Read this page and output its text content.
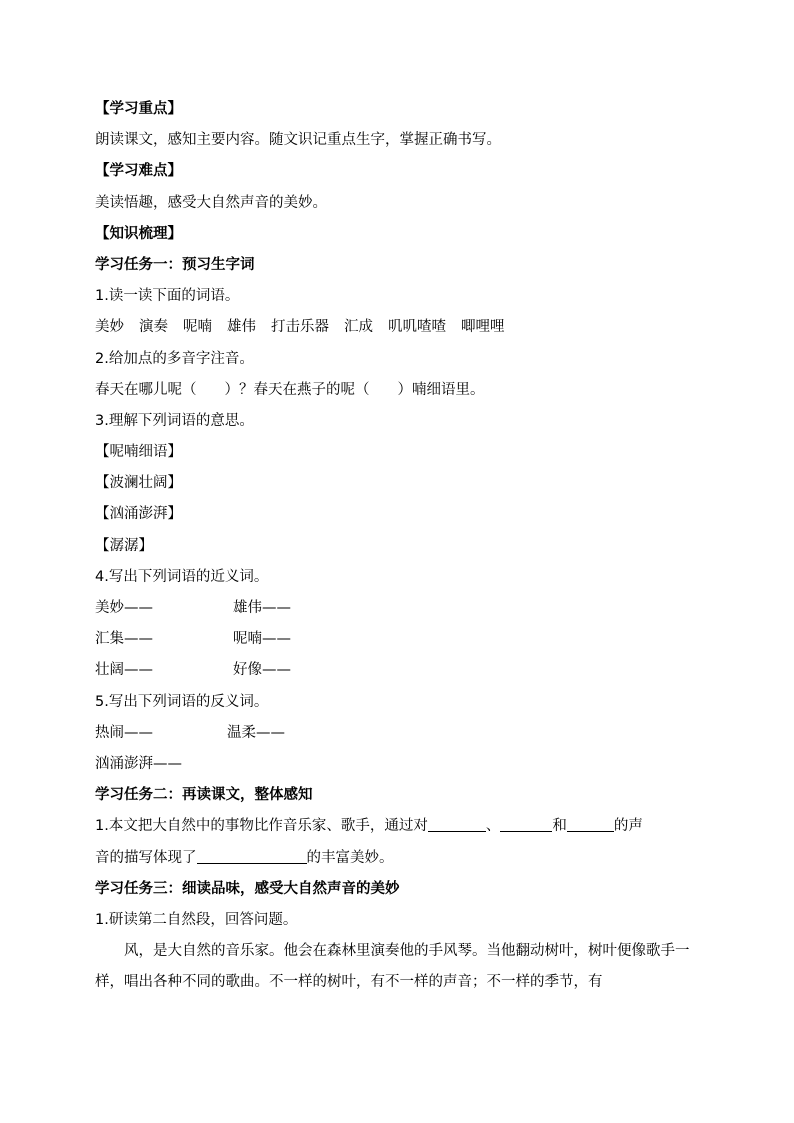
【学习重点】
朗读课文，感知主要内容。随文识记重点生字，掌握正确书写。
【学习难点】
美读悟趣，感受大自然声音的美妙。
【知识梳理】
学习任务一：预习生字词
1.读一读下面的词语。
美妙 演奏 呢喃 雄伟 打击乐器 汇成 叽叽喳喳 唧哩哩
2.给加点的多音字注音。
春天在哪儿呢（ ）？春天在燕子的呢（ ）喃细语里。
3.理解下列词语的意思。
【呢喃细语】
【波澜壮阔】
【汹涌澎湃】
【潺潺】
4.写出下列词语的近义词。
美妙——	雄伟——
汇集——	呢喃——
壮阔——	好像——
5.写出下列词语的反义词。
热闹——	温柔——
汹涌澎湃——
学习任务二：再读课文，整体感知
1.本文把大自然中的事物比作音乐家、歌手，通过对	、	和	的声
音的描写体现了	的丰富美妙。
学习任务三：细读品味，感受大自然声音的美妙
1.研读第二自然段，回答问题。
风，是大自然的音乐家。他会在森林里演奏他的手风琴。当他翻动树叶，树叶便像歌手一样，唱出各种不同的歌曲。不一样的树叶，有不一样的声音；不一样的季节，有
